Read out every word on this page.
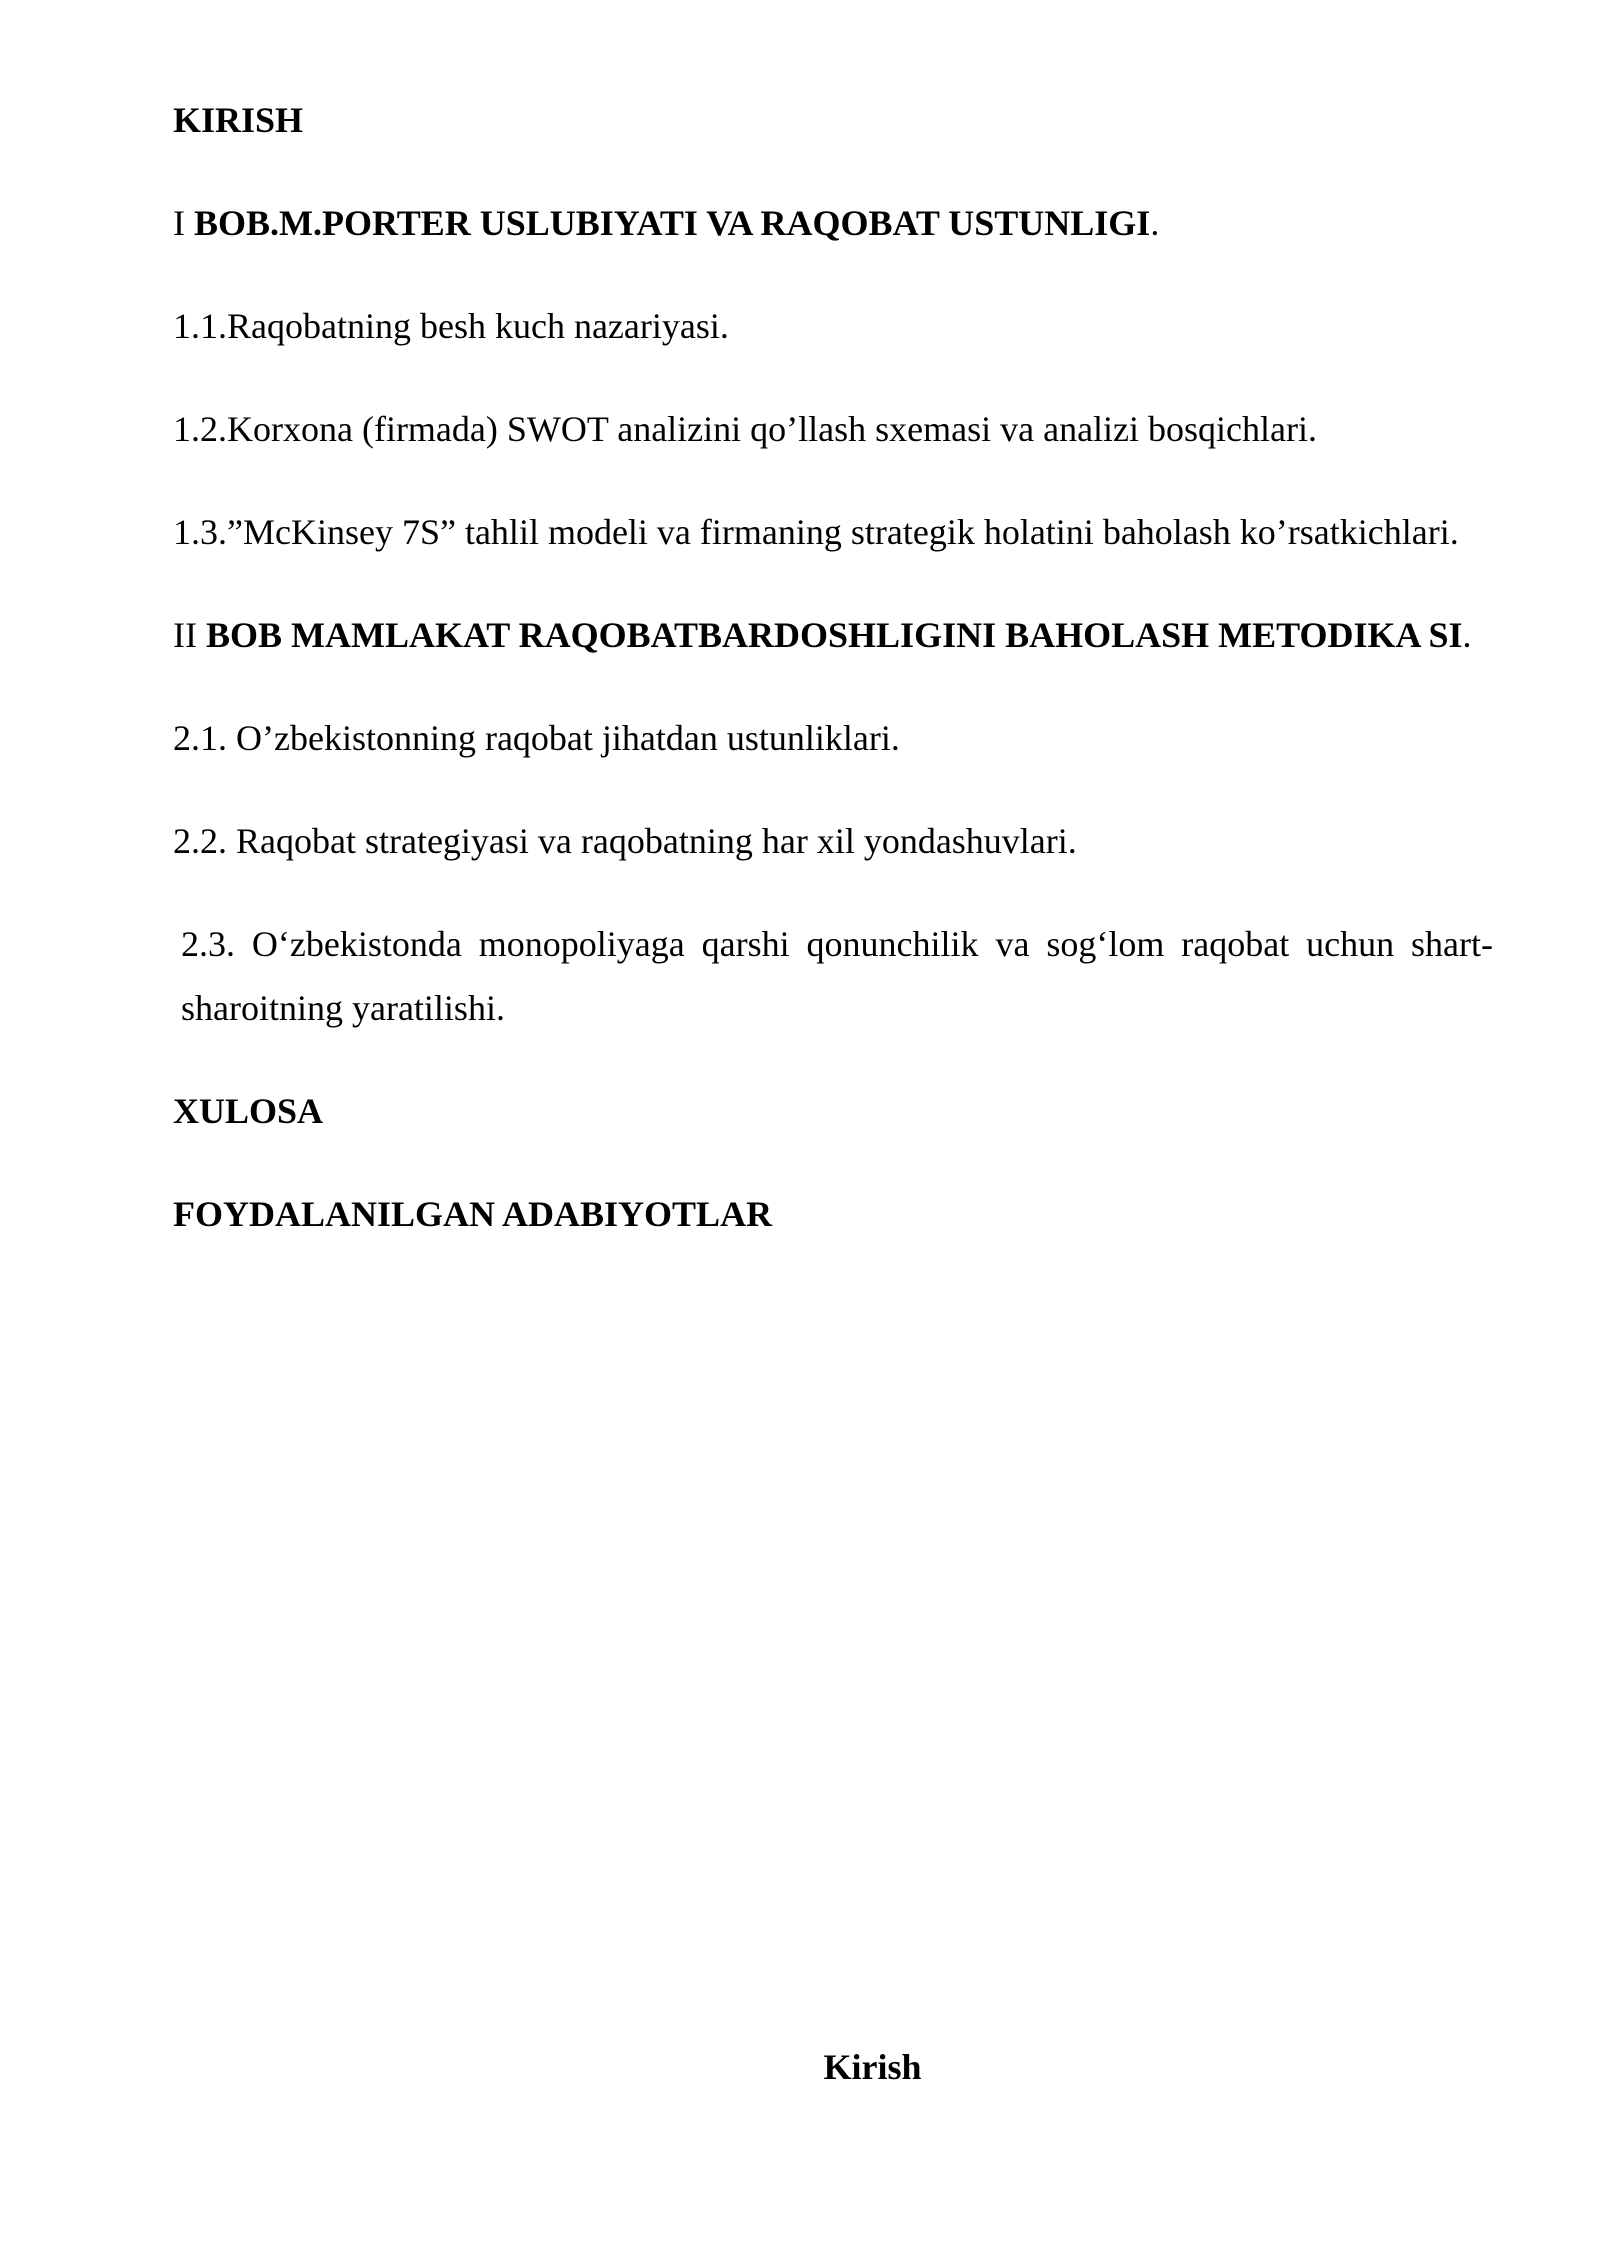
KIRISH

I BOB.M.PORTER USLUBIYATI VA RAQOBAT USTUNLIGI.

1.1.Raqobatning besh kuch nazariyasi.

1.2.Korxona (firmada) SWOT analizini qo’llash sxemasi va analizi bosqichlari.

1.3.”McKinsey 7S” tahlil modeli va firmaning strategik holatini baholash ko’rsatkichlari.

II BOB MAMLAKAT RAQOBATBARDOSHLIGINI BAHOLASH METODIKA SI.

2.1. O’zbekistonning raqobat jihatdan ustunliklari.

2.2. Raqobat strategiyasi va raqobatning har xil yondashuvlari.

2.3. O‘zbekistonda monopoliyaga qarshi qonunchilik va sog‘lom raqobat uchun shart-sharoitning yaratilishi.

XULOSA

FOYDALANILGAN ADABIYOTLAR

Kirish
